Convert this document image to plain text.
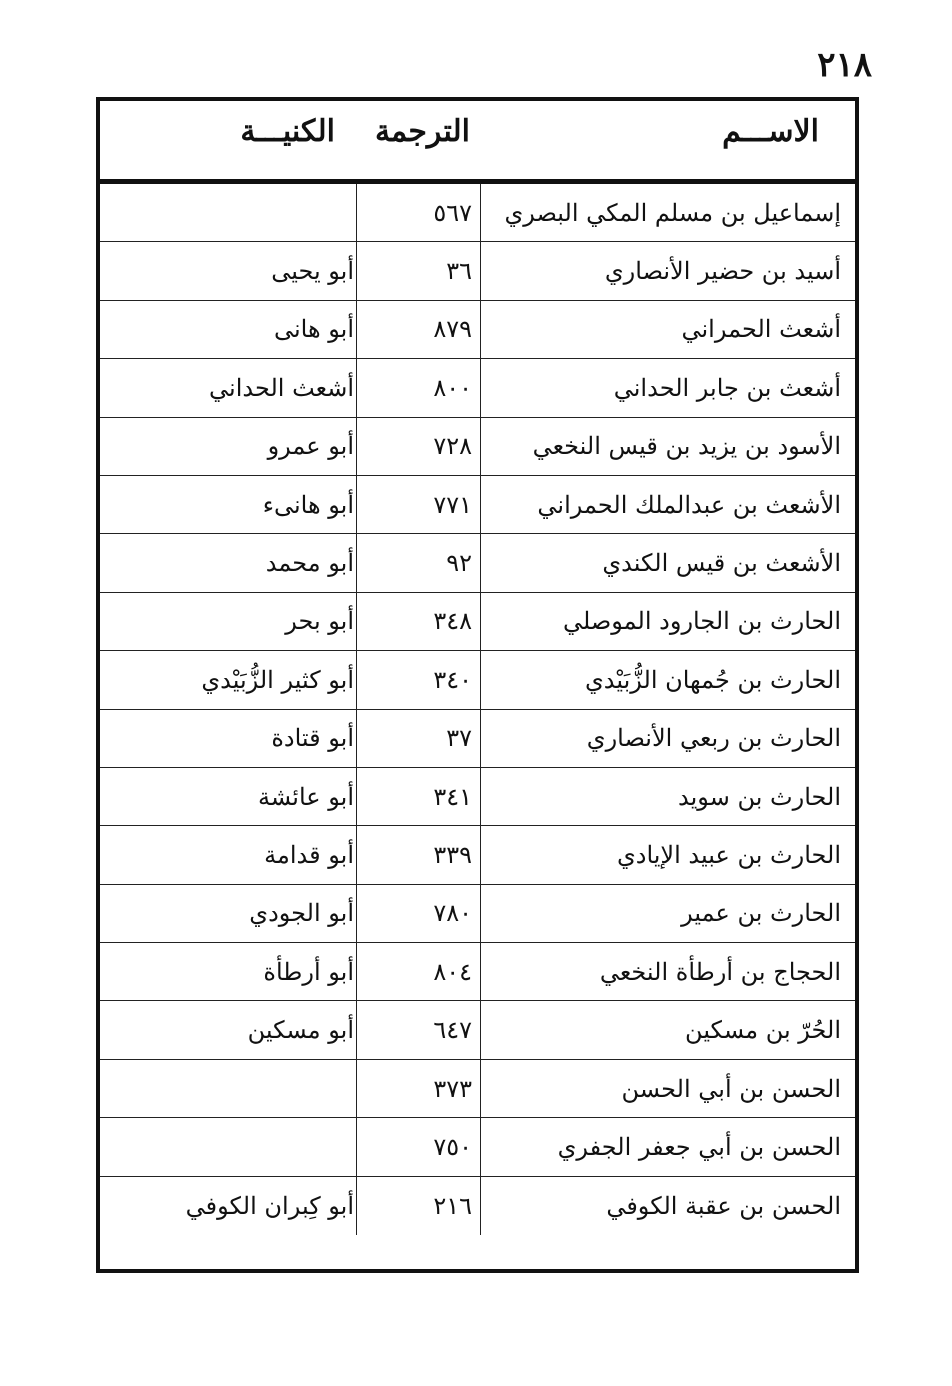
٢١٨
الاســـم
الترجمة
الكنيـــة
إسماعيل بن مسلم المكي البصري
٥٦٧
أسيد بن حضير الأنصاري
٣٦
أبو يحيى
أشعث الحمراني
٨٧٩
أبو هانى
أشعث بن جابر الحداني
٨٠٠
أشعث الحداني
الأسود بن يزيد بن قيس النخعي
٧٢٨
أبو عمرو
الأشعث بن عبدالملك الحمراني
٧٧١
أبو هانىء
الأشعث بن قيس الكندي
٩٢
أبو محمد
الحارث بن الجارود الموصلي
٣٤٨
أبو بحر
الحارث بن جُمهان الزُّبَيْدي
٣٤٠
أبو كثير الزُّبَيْدي
الحارث بن ربعي الأنصاري
٣٧
أبو قتادة
الحارث بن سويد
٣٤١
أبو عائشة
الحارث بن عبيد الإيادي
٣٣٩
أبو قدامة
الحارث بن عمير
٧٨٠
أبو الجودي
الحجاج بن أرطأة النخعي
٨٠٤
أبو أرطأة
الحُرّ بن مسكين
٦٤٧
أبو مسكين
الحسن بن أبي الحسن
٣٧٣
الحسن بن أبي جعفر الجفري
٧٥٠
الحسن بن عقبة الكوفي
٢١٦
أبو كِبران الكوفي
